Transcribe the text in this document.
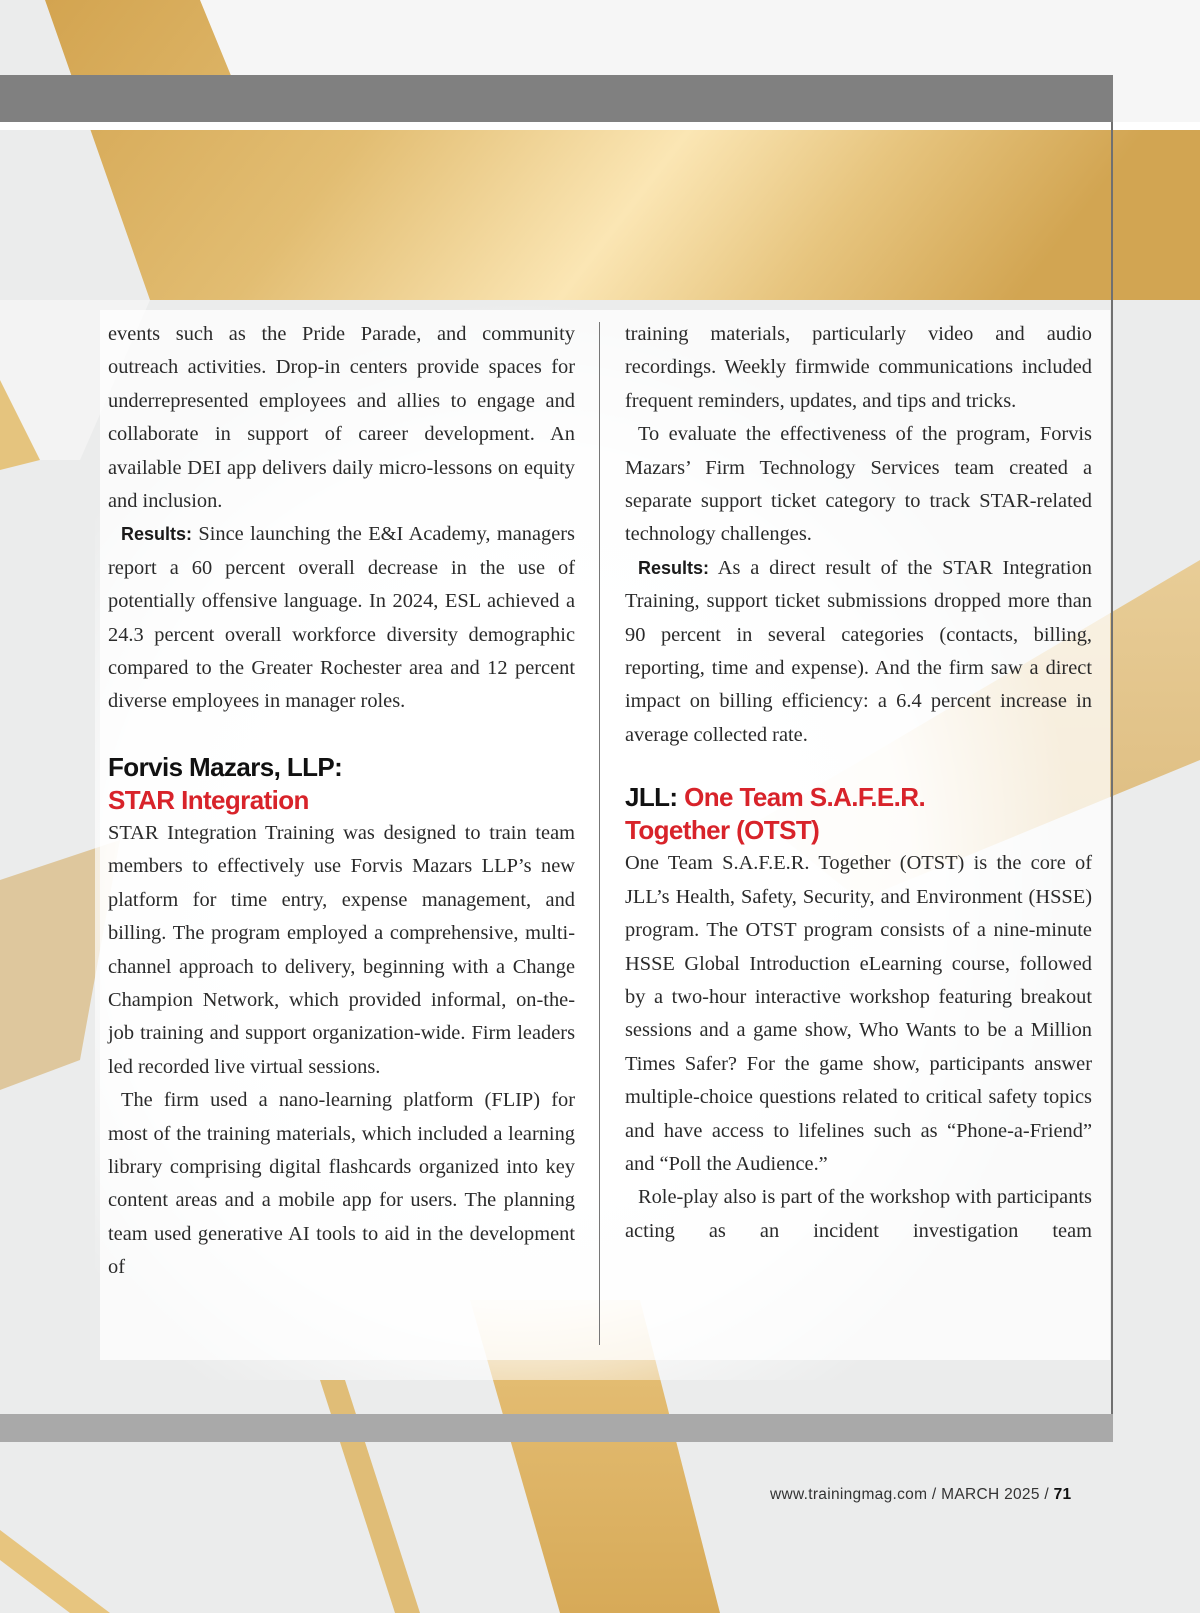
events such as the Pride Parade, and community outreach activities. Drop-in centers provide spaces for underrepresented employees and allies to engage and collaborate in support of career development. An available DEI app delivers daily micro-lessons on equity and inclusion.

Results: Since launching the E&I Academy, managers report a 60 percent overall decrease in the use of potentially offensive language. In 2024, ESL achieved a 24.3 percent overall workforce diversity demographic compared to the Greater Rochester area and 12 percent diverse employees in manager roles.

Forvis Mazars, LLP:
STAR Integration

STAR Integration Training was designed to train team members to effectively use Forvis Mazars LLP’s new platform for time entry, expense management, and billing. The program employed a comprehensive, multi-channel approach to delivery, beginning with a Change Champion Network, which provided informal, on-the-job training and support organization-wide. Firm leaders led recorded live virtual sessions.

The firm used a nano-learning platform (FLIP) for most of the training materials, which included a learning library comprising digital flashcards organized into key content areas and a mobile app for users. The planning team used generative AI tools to aid in the development of

training materials, particularly video and audio recordings. Weekly firmwide communications included frequent reminders, updates, and tips and tricks.

To evaluate the effectiveness of the program, Forvis Mazars’ Firm Technology Services team created a separate support ticket category to track STAR-related technology challenges.

Results: As a direct result of the STAR Integration Training, support ticket submissions dropped more than 90 percent in several categories (contacts, billing, reporting, time and expense). And the firm saw a direct impact on billing efficiency: a 6.4 percent increase in average collected rate.

JLL: One Team S.A.F.E.R.
Together (OTST)

One Team S.A.F.E.R. Together (OTST) is the core of JLL’s Health, Safety, Security, and Environment (HSSE) program. The OTST program consists of a nine-minute HSSE Global Introduction eLearning course, followed by a two-hour interactive workshop featuring breakout sessions and a game show, Who Wants to be a Million Times Safer? For the game show, participants answer multiple-choice questions related to critical safety topics and have access to lifelines such as “Phone-a-Friend” and “Poll the Audience.”

Role-play also is part of the workshop with participants acting as an incident investigation team

www.trainingmag.com / MARCH 2025 / 71
